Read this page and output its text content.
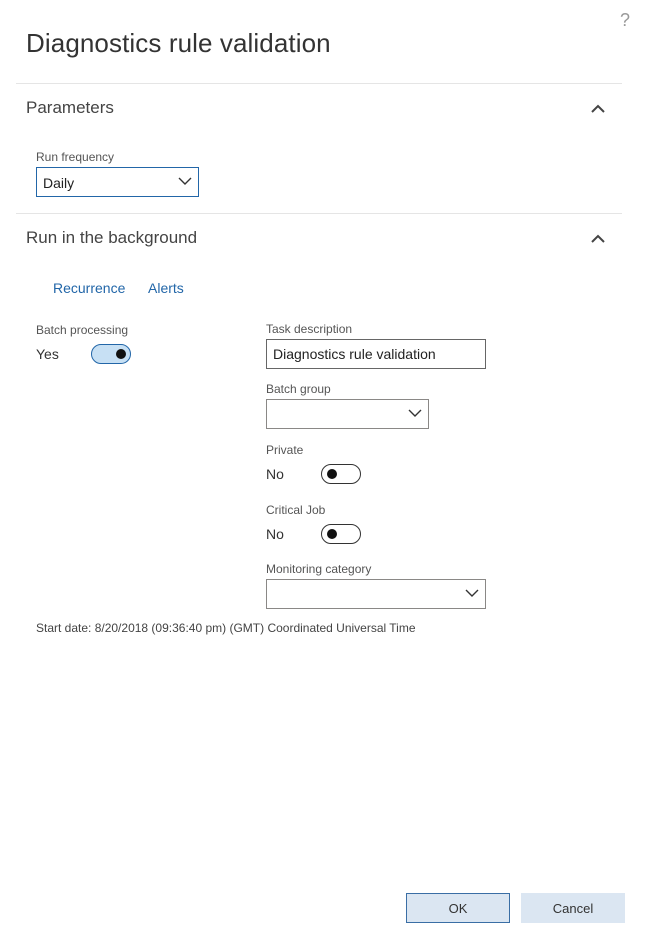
?
Diagnostics rule validation
Parameters
Run frequency
Daily
Run in the background
Recurrence Alerts
Batch processing
Yes
Task description
Diagnostics rule validation
Batch group
Private
No
Critical Job
No
Monitoring category
Start date: 8/20/2018 (09:36:40 pm) (GMT) Coordinated Universal Time
OK	Cancel
